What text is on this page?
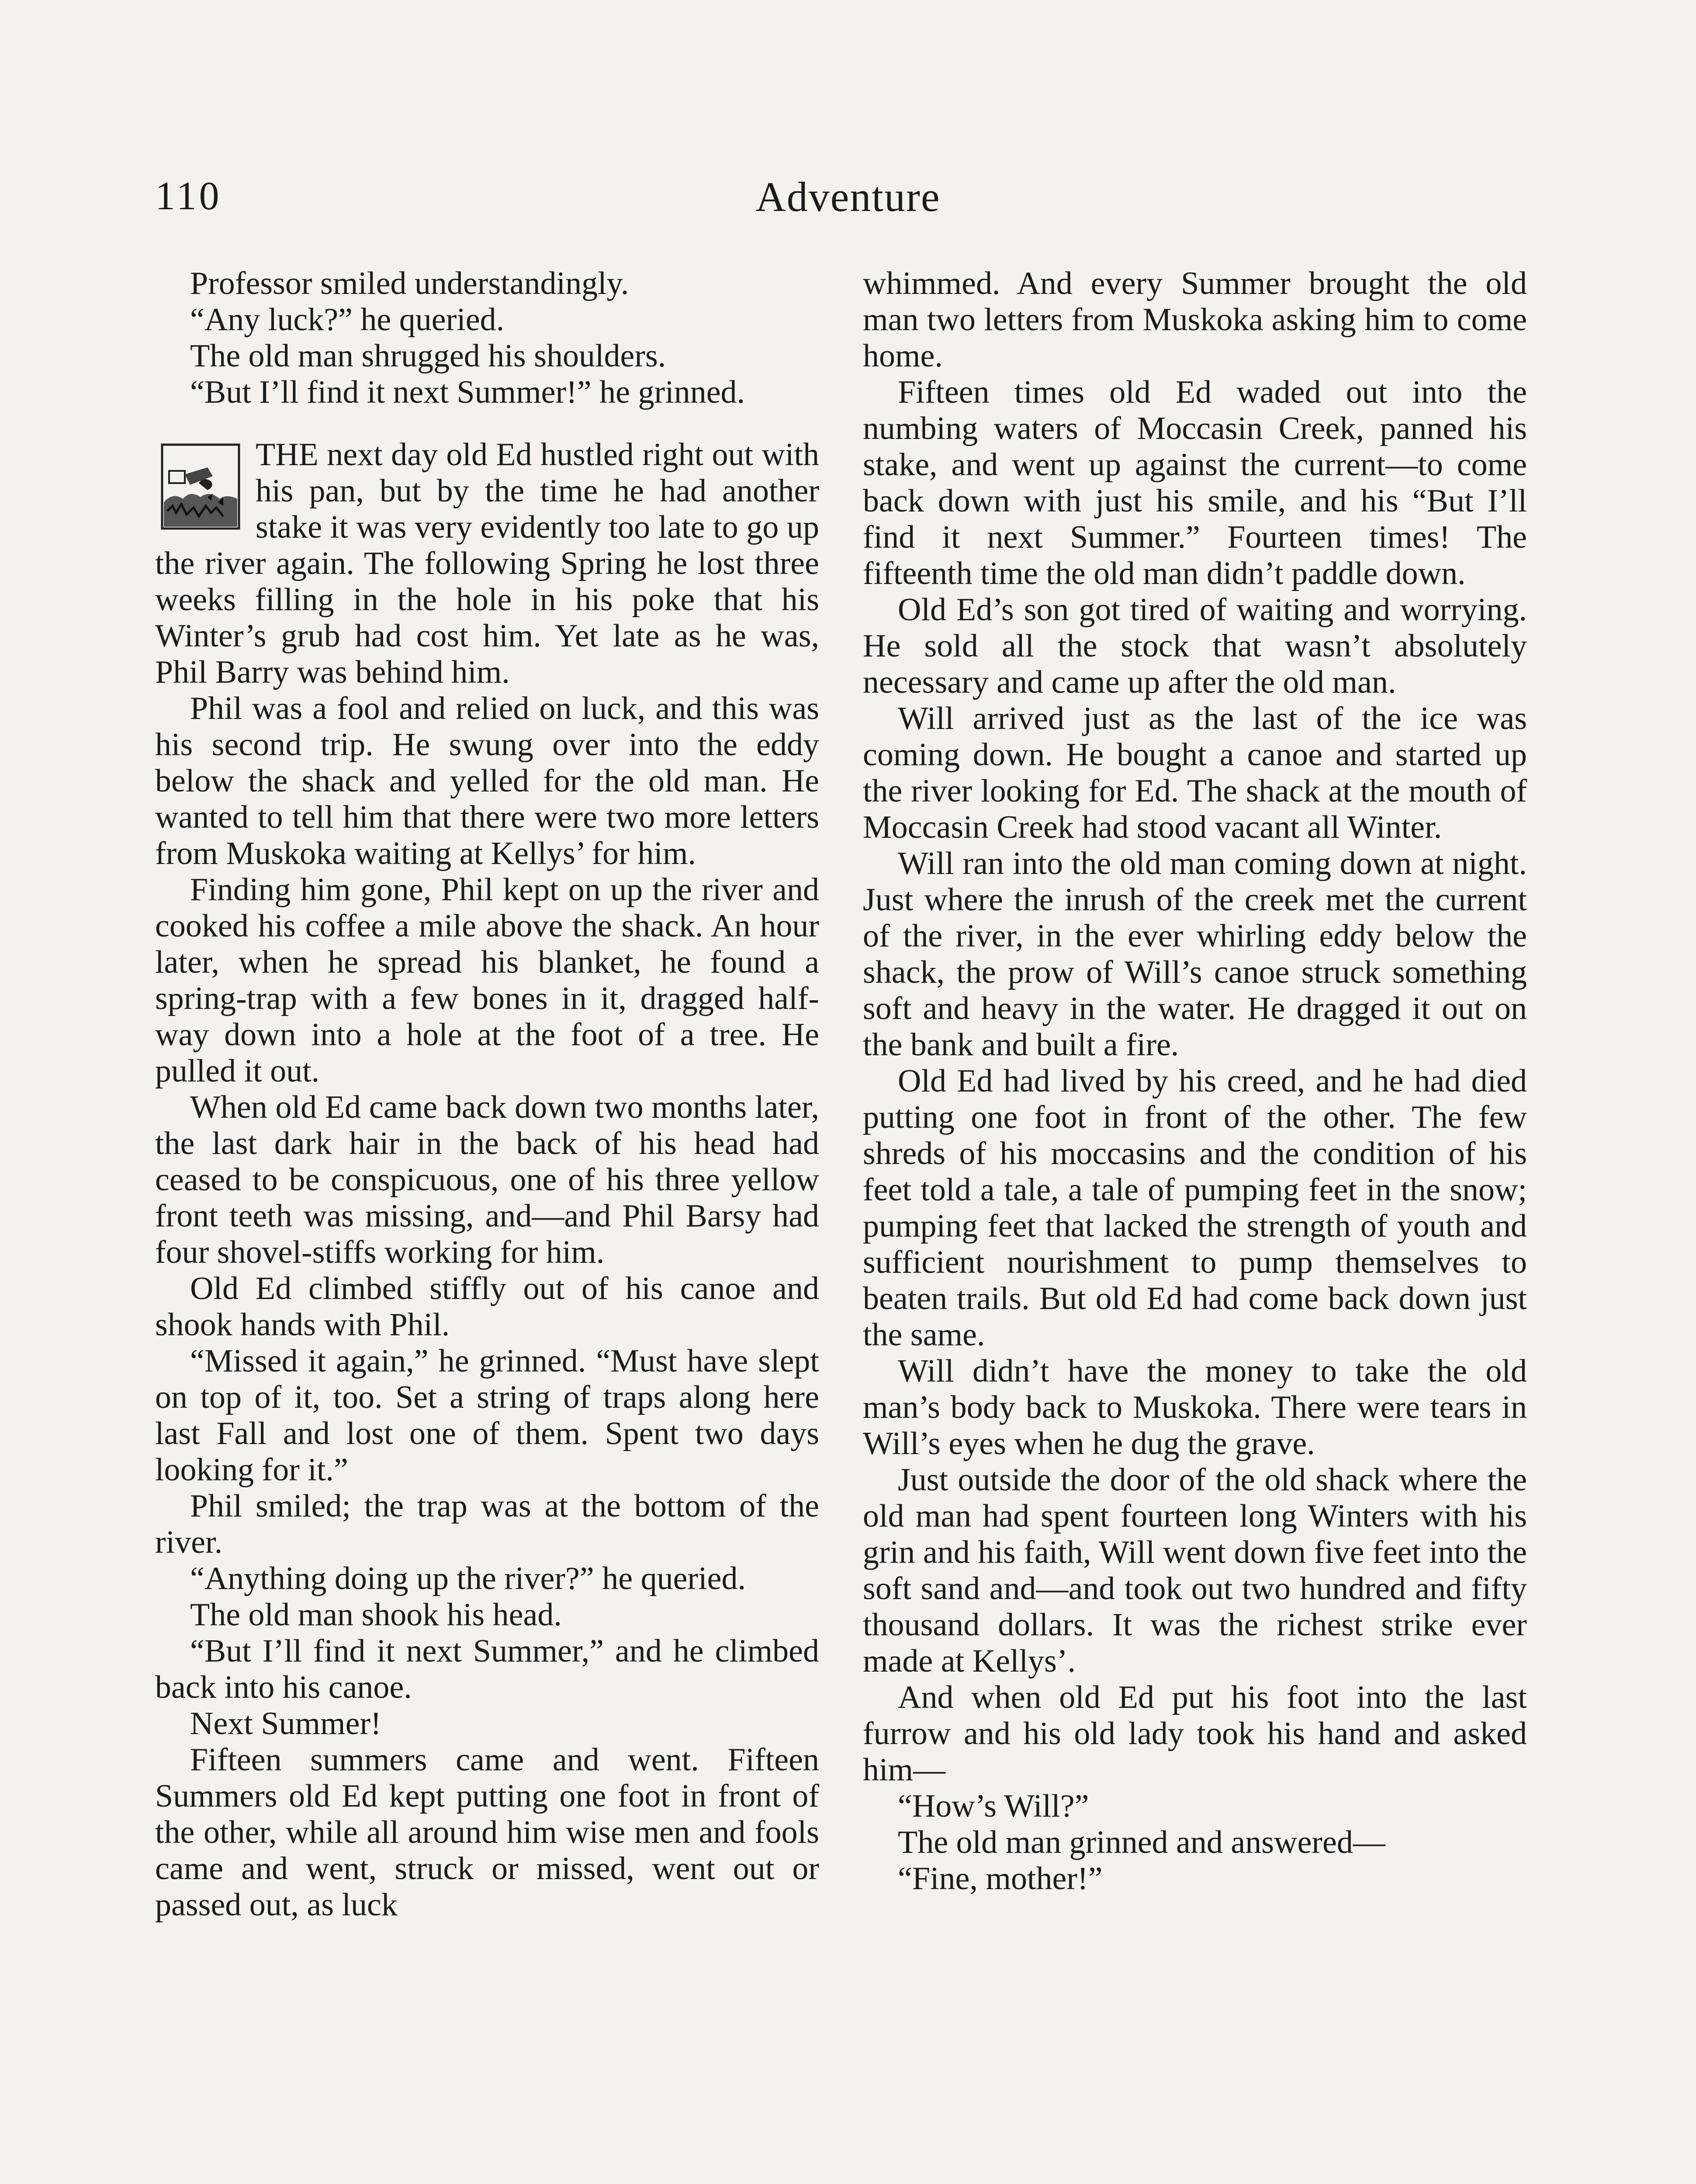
110	Adventure

Professor smiled understandingly.

“Any luck?” he queried.

The old man shrugged his shoulders.

“But I’ll find it next Summer!” he grinned.

THE next day old Ed hustled right out with his pan, but by the time he had another stake it was very evidently too late to go up the river again. The following Spring he lost three weeks filling in the hole in his poke that his Winter’s grub had cost him. Yet late as he was, Phil Barry was behind him.

Phil was a fool and relied on luck, and this was his second trip. He swung over into the eddy below the shack and yelled for the old man. He wanted to tell him that there were two more letters from Muskoka waiting at Kellys’ for him.

Finding him gone, Phil kept on up the river and cooked his coffee a mile above the shack. An hour later, when he spread his blanket, he found a spring-trap with a few bones in it, dragged half-way down into a hole at the foot of a tree. He pulled it out.

When old Ed came back down two months later, the last dark hair in the back of his head had ceased to be conspicuous, one of his three yellow front teeth was missing, and—and Phil Barsy had four shovel-stiffs working for him.

Old Ed climbed stiffly out of his canoe and shook hands with Phil.

“Missed it again,” he grinned. “Must have slept on top of it, too. Set a string of traps along here last Fall and lost one of them. Spent two days looking for it.”

Phil smiled; the trap was at the bottom of the river.

“Anything doing up the river?” he queried.

The old man shook his head.

“But I’ll find it next Summer,” and he climbed back into his canoe.

Next Summer!

Fifteen summers came and went. Fifteen Summers old Ed kept putting one foot in front of the other, while all around him wise men and fools came and went, struck or missed, went out or passed out, as luck

whimmed. And every Summer brought the old man two letters from Muskoka asking him to come home.

Fifteen times old Ed waded out into the numbing waters of Moccasin Creek, panned his stake, and went up against the current—to come back down with just his smile, and his “But I’ll find it next Summer.” Fourteen times! The fifteenth time the old man didn’t paddle down.

Old Ed’s son got tired of waiting and worrying. He sold all the stock that wasn’t absolutely necessary and came up after the old man.

Will arrived just as the last of the ice was coming down. He bought a canoe and started up the river looking for Ed. The shack at the mouth of Moccasin Creek had stood vacant all Winter.

Will ran into the old man coming down at night. Just where the inrush of the creek met the current of the river, in the ever whirling eddy below the shack, the prow of Will’s canoe struck something soft and heavy in the water. He dragged it out on the bank and built a fire.

Old Ed had lived by his creed, and he had died putting one foot in front of the other. The few shreds of his moccasins and the condition of his feet told a tale, a tale of pumping feet in the snow; pumping feet that lacked the strength of youth and sufficient nourishment to pump themselves to beaten trails. But old Ed had come back down just the same.

Will didn’t have the money to take the old man’s body back to Muskoka. There were tears in Will’s eyes when he dug the grave.

Just outside the door of the old shack where the old man had spent fourteen long Winters with his grin and his faith, Will went down five feet into the soft sand and—and took out two hundred and fifty thousand dollars. It was the richest strike ever made at Kellys’.

And when old Ed put his foot into the last furrow and his old lady took his hand and asked him—

“How’s Will?”

The old man grinned and answered—

“Fine, mother!”
